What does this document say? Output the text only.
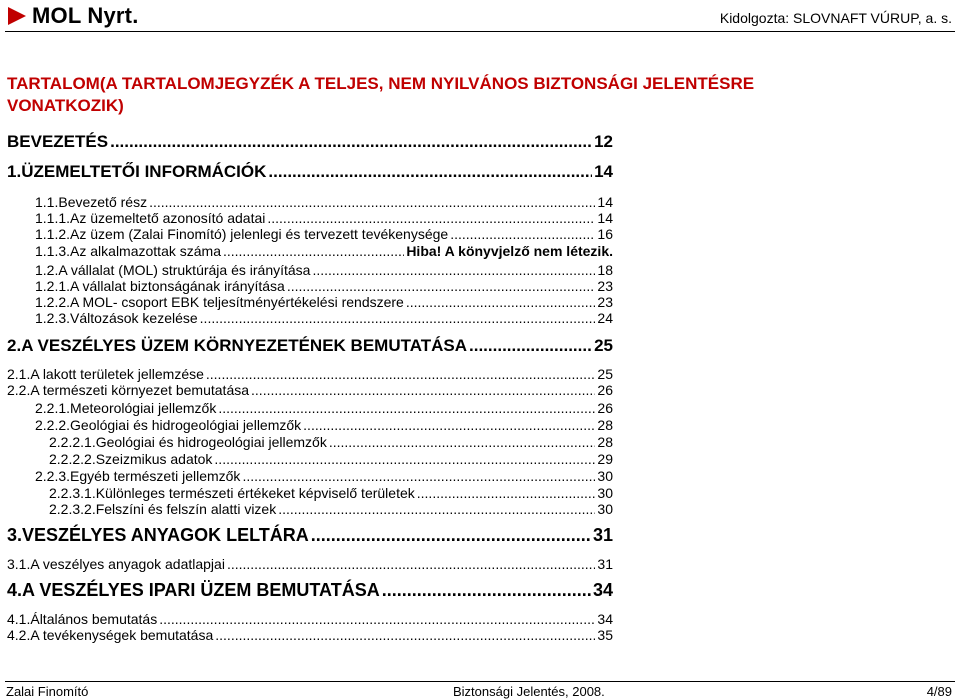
MOL Nyrt.	Kidolgozta: SLOVNAFT VÚRUP, a. s.
TARTALOM(A TARTALOMJEGYZÉK A TELJES, NEM NYILVÁNOS BIZTONSÁGI JELENTÉSRE VONATKOZIK)
BEVEZETÉS .....	12
1. ÜZEMELTETŐI INFORMÁCIÓK .....	14
1.1. Bevezető rész .....	14
1.1.1. Az üzemeltető azonosító adatai .....	14
1.1.2. Az üzem (Zalai Finomító) jelenlegi és tervezett tevékenysége .....	16
1.1.3. Az alkalmazottak száma .....	Hiba! A könyvjelző nem létezik.
1.2. A vállalat (MOL) struktúrája és irányítása .....	18
1.2.1. A vállalat biztonságának irányítása .....	23
1.2.2. A MOL- csoport EBK teljesítményértékelési rendszere .....	23
1.2.3. Változások kezelése .....	24
2. A VESZÉLYES ÜZEM KÖRNYEZETÉNEK BEMUTATÁSA .....	25
2.1. A lakott területek jellemzése .....	25
2.2. A természeti környezet bemutatása .....	26
2.2.1. Meteorológiai jellemzők .....	26
2.2.2. Geológiai és hidrogeológiai jellemzők .....	28
2.2.2.1. Geológiai és hidrogeológiai jellemzők .....	28
2.2.2.2. Szeizmikus adatok .....	29
2.2.3. Egyéb természeti jellemzők .....	30
2.2.3.1. Különleges természeti értékeket képviselő területek .....	30
2.2.3.2. Felszíni és felszín alatti vizek .....	30
3. VESZÉLYES ANYAGOK LELTÁRA .....	31
3.1. A veszélyes anyagok adatlapjai .....	31
4. A VESZÉLYES IPARI ÜZEM BEMUTATÁSA .....	34
4.1. Általános bemutatás .....	34
4.2. A tevékenységek bemutatása .....	35
Zalai Finomító	Biztonsági Jelentés, 2008.	4/89
